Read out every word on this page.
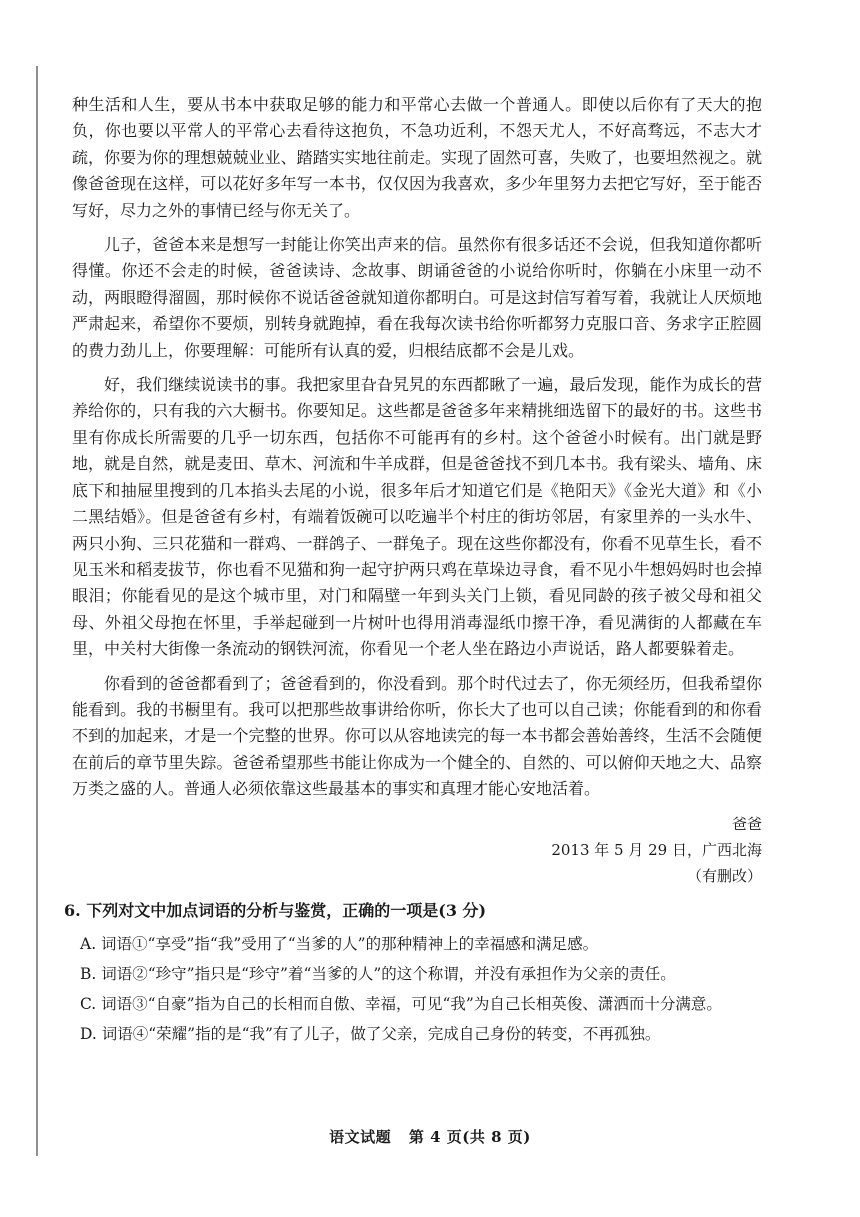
种生活和人生，要从书本中获取足够的能力和平常心去做一个普通人。即使以后你有了天大的抱负，你也要以平常人的平常心去看待这抱负，不急功近利，不怨天尤人，不好高骛远，不志大才疏，你要为你的理想兢兢业业、踏踏实实地往前走。实现了固然可喜，失败了，也要坦然视之。就像爸爸现在这样，可以花好多年写一本书，仅仅因为我喜欢，多少年里努力去把它写好，至于能否写好，尽力之外的事情已经与你无关了。

儿子，爸爸本来是想写一封能让你笑出声来的信。虽然你有很多话还不会说，但我知道你都听得懂。你还不会走的时候，爸爸读诗、念故事、朗诵爸爸的小说给你听时，你躺在小床里一动不动，两眼瞪得溜圆，那时候你不说话爸爸就知道你都明白。可是这封信写着写着，我就让人厌烦地严肃起来，希望你不要烦，别转身就跑掉，看在我每次读书给你听都努力克服口音、务求字正腔圆的费力劲儿上，你要理解：可能所有认真的爱，归根结底都不会是儿戏。

好，我们继续说读书的事。我把家里旮旮旯旯的东西都瞅了一遍，最后发现，能作为成长的营养给你的，只有我的六大橱书。你要知足。这些都是爸爸多年来精挑细选留下的最好的书。这些书里有你成长所需要的几乎一切东西，包括你不可能再有的乡村。这个爸爸小时候有。出门就是野地，就是自然，就是麦田、草木、河流和牛羊成群，但是爸爸找不到几本书。我有梁头、墙角、床底下和抽屉里搜到的几本掐头去尾的小说，很多年后才知道它们是《艳阳天》《金光大道》和《小二黑结婚》。但是爸爸有乡村，有端着饭碗可以吃遍半个村庄的街坊邻居，有家里养的一头水牛、两只小狗、三只花猫和一群鸡、一群鸽子、一群兔子。现在这些你都没有，你看不见草生长，看不见玉米和稻麦拔节，你也看不见猫和狗一起守护两只鸡在草垛边寻食，看不见小牛想妈妈时也会掉眼泪；你能看见的是这个城市里，对门和隔壁一年到头关门上锁，看见同龄的孩子被父母和祖父母、外祖父母抱在怀里，手举起碰到一片树叶也得用消毒湿纸巾擦干净，看见满街的人都藏在车里，中关村大街像一条流动的钢铁河流，你看见一个老人坐在路边小声说话，路人都要躲着走。

你看到的爸爸都看到了；爸爸看到的，你没看到。那个时代过去了，你无须经历，但我希望你能看到。我的书橱里有。我可以把那些故事讲给你听，你长大了也可以自己读；你能看到的和你看不到的加起来，才是一个完整的世界。你可以从容地读完的每一本书都会善始善终，生活不会随便在前后的章节里失踪。爸爸希望那些书能让你成为一个健全的、自然的、可以俯仰天地之大、品察万类之盛的人。普通人必须依靠这些最基本的事实和真理才能心安地活着。

爸爸

2013 年 5 月 29 日，广西北海

（有删改）

6. 下列对文中加点词语的分析与鉴赏，正确的一项是(3 分)

A. 词语①“享受”指“我”受用了“当爹的人”的那种精神上的幸福感和满足感。
B. 词语②“珍守”指只是“珍守”着“当爹的人”的这个称谓，并没有承担作为父亲的责任。
C. 词语③“自豪”指为自己的长相而自傲、幸福，可见“我”为自己长相英俊、潇洒而十分满意。
D. 词语④“荣耀”指的是“我”有了儿子，做了父亲，完成自己身份的转变，不再孤独。
语文试题 第 4 页(共 8 页)
